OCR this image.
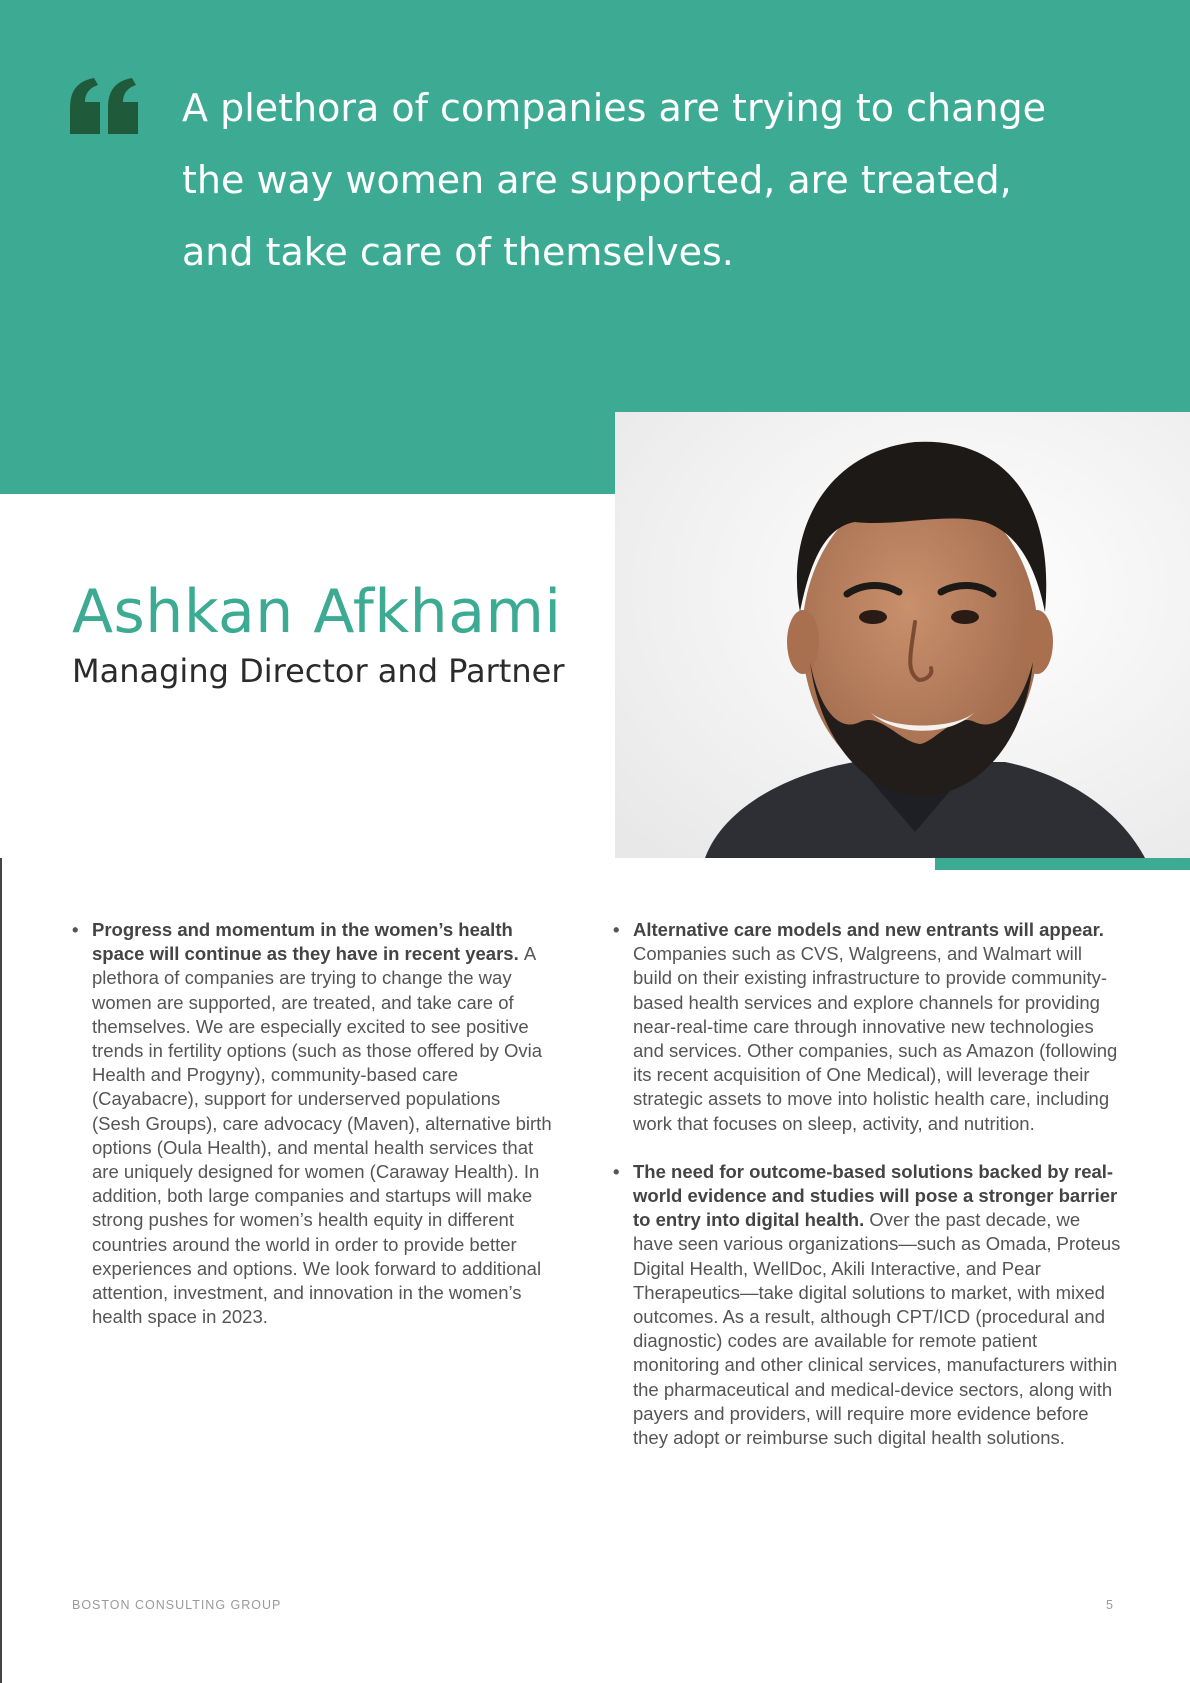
A plethora of companies are trying to change the way women are supported, are treated, and take care of themselves.

Ashkan Afkhami
Managing Director and Partner
• Progress and momentum in the women’s health space will continue as they have in recent years. A plethora of companies are trying to change the way women are supported, are treated, and take care of themselves. We are especially excited to see positive trends in fertility options (such as those offered by Ovia Health and Progyny), community-based care (Cayabacre), support for underserved populations (Sesh Groups), care advocacy (Maven), alternative birth options (Oula Health), and mental health services that are uniquely designed for women (Caraway Health). In addition, both large companies and startups will make strong pushes for women’s health equity in different countries around the world in order to provide better experiences and options. We look forward to additional attention, investment, and innovation in the women’s health space in 2023.
• Alternative care models and new entrants will appear. Companies such as CVS, Walgreens, and Walmart will build on their existing infrastructure to provide community-based health services and explore channels for providing near-real-time care through innovative new technologies and services. Other companies, such as Amazon (following its recent acquisition of One Medical), will leverage their strategic assets to move into holistic health care, including work that focuses on sleep, activity, and nutrition.
• The need for outcome-based solutions backed by real-world evidence and studies will pose a stronger barrier to entry into digital health. Over the past decade, we have seen various organizations—such as Omada, Proteus Digital Health, WellDoc, Akili Interactive, and Pear Therapeutics—take digital solutions to market, with mixed outcomes. As a result, although CPT/ICD (procedural and diagnostic) codes are available for remote patient monitoring and other clinical services, manufacturers within the pharmaceutical and medical-device sectors, along with payers and providers, will require more evidence before they adopt or reimburse such digital health solutions.
BOSTON CONSULTING GROUP	5
